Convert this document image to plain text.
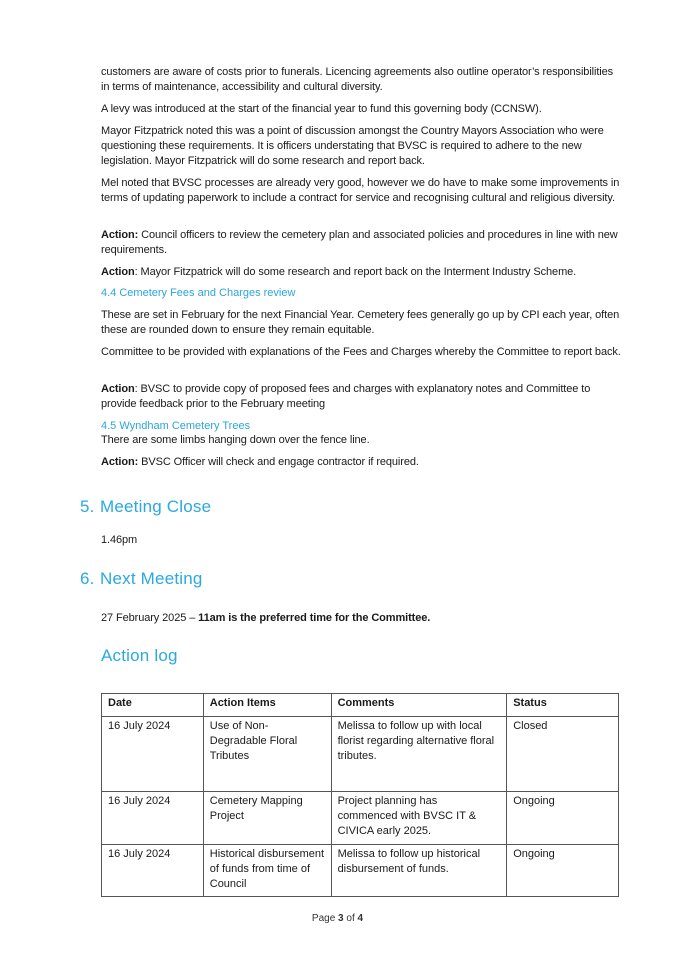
customers are aware of costs prior to funerals. Licencing agreements also outline operator’s responsibilities in terms of maintenance, accessibility and cultural diversity.

A levy was introduced at the start of the financial year to fund this governing body (CCNSW).

Mayor Fitzpatrick noted this was a point of discussion amongst the Country Mayors Association who were questioning these requirements. It is officers understating that BVSC is required to adhere to the new legislation. Mayor Fitzpatrick will do some research and report back.

Mel noted that BVSC processes are already very good, however we do have to make some improvements in terms of updating paperwork to include a contract for service and recognising cultural and religious diversity.

Action: Council officers to review the cemetery plan and associated policies and procedures in line with new requirements.

Action: Mayor Fitzpatrick will do some research and report back on the Interment Industry Scheme.

4.4 Cemetery Fees and Charges review

These are set in February for the next Financial Year. Cemetery fees generally go up by CPI each year, often these are rounded down to ensure they remain equitable.

Committee to be provided with explanations of the Fees and Charges whereby the Committee to report back.

Action: BVSC to provide copy of proposed fees and charges with explanatory notes and Committee to provide feedback prior to the February meeting

4.5 Wyndham Cemetery Trees

There are some limbs hanging down over the fence line.

Action: BVSC Officer will check and engage contractor if required.

5. Meeting Close

1.46pm

6. Next Meeting

27 February 2025 – 11am is the preferred time for the Committee.

Action log
Date	Action Items	Comments	Status
16 July 2024	Use of Non-Degradable Floral Tributes	Melissa to follow up with local florist regarding alternative floral tributes.	Closed
16 July 2024	Cemetery Mapping Project	Project planning has commenced with BVSC IT & CIVICA early 2025.	Ongoing
16 July 2024	Historical disbursement of funds from time of Council	Melissa to follow up historical disbursement of funds.	Ongoing
Page 3 of 4
